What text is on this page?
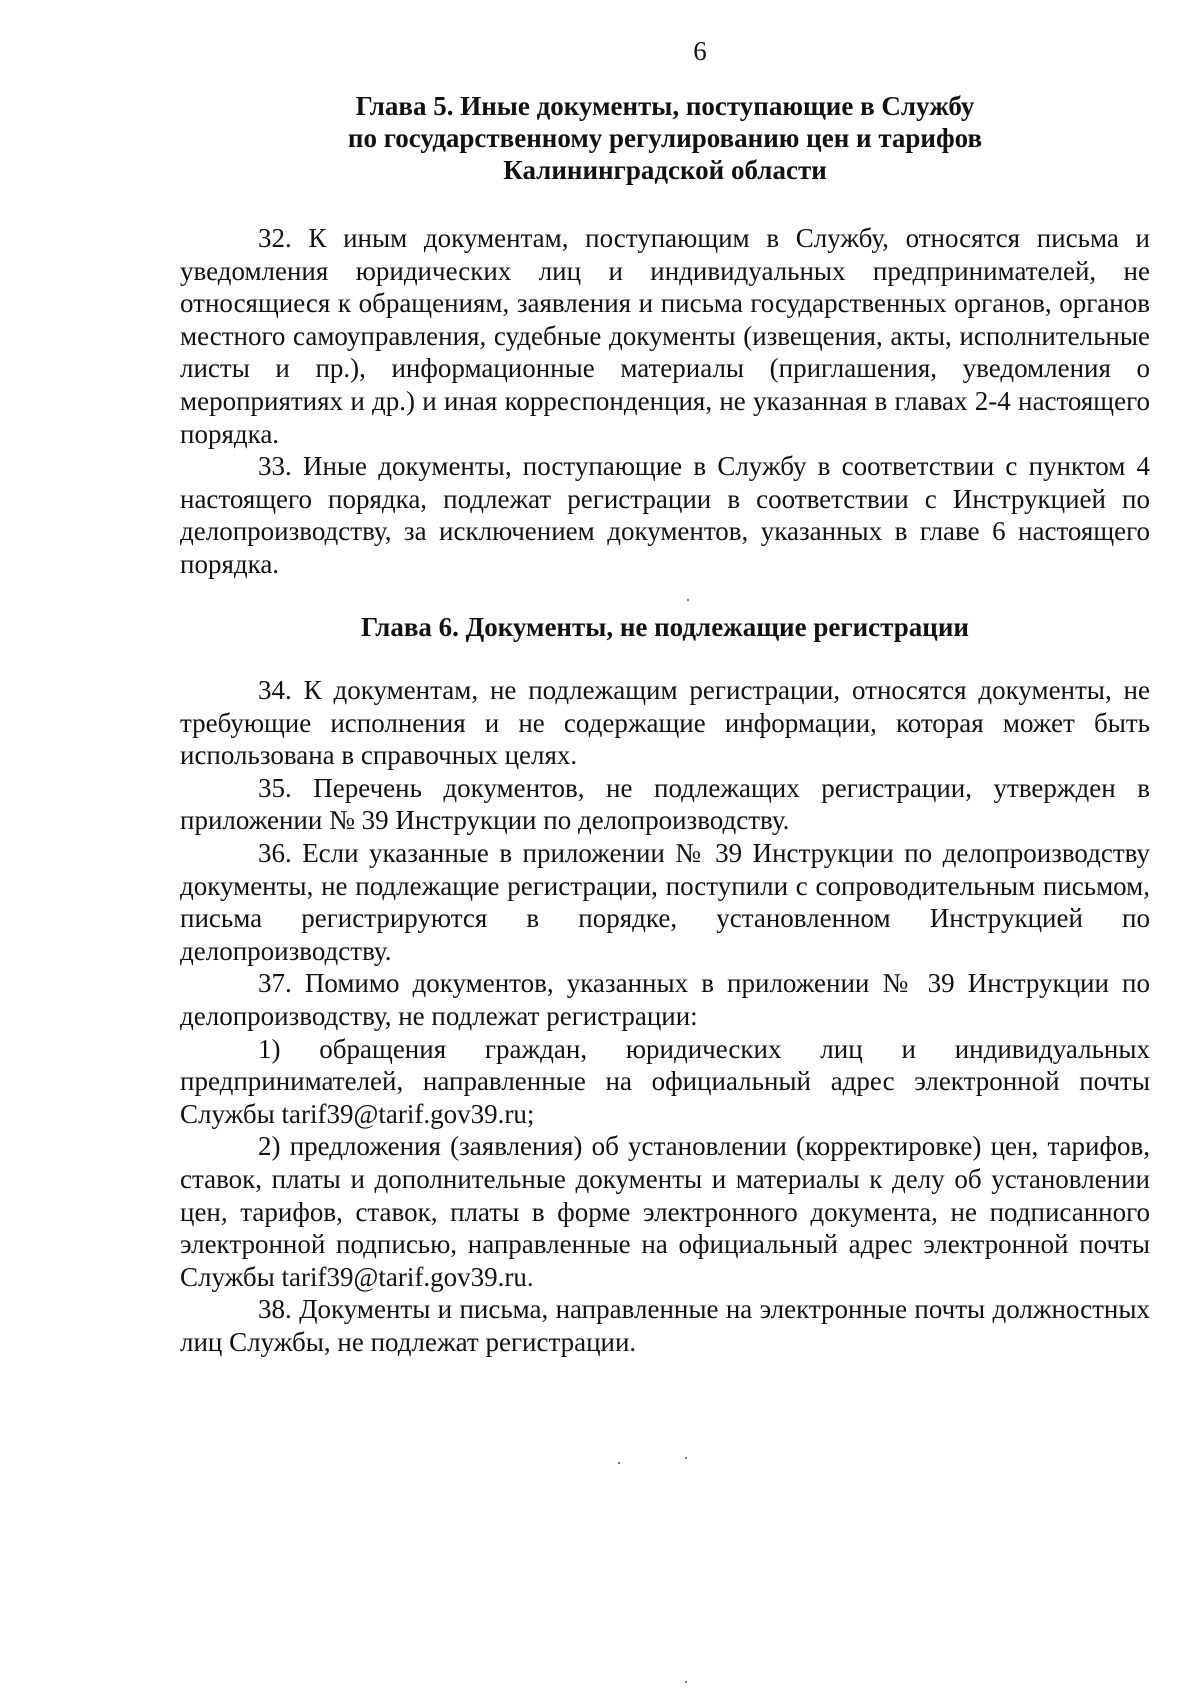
6
Глава 5. Иные документы, поступающие в Службу
по государственному регулированию цен и тарифов
Калининградской области

32. К иным документам, поступающим в Службу, относятся письма и уведомления юридических лиц и индивидуальных предпринимателей, не относящиеся к обращениям, заявления и письма государственных органов, органов местного самоуправления, судебные документы (извещения, акты, исполнительные листы и пр.), информационные материалы (приглашения, уведомления о мероприятиях и др.) и иная корреспонденция, не указанная в главах 2-4 настоящего порядка.

33. Иные документы, поступающие в Службу в соответствии с пунктом 4 настоящего порядка, подлежат регистрации в соответствии с Инструкцией по делопроизводству, за исключением документов, указанных в главе 6 настоящего порядка.

Глава 6. Документы, не подлежащие регистрации

34. К документам, не подлежащим регистрации, относятся документы, не требующие исполнения и не содержащие информации, которая может быть использована в справочных целях.

35. Перечень документов, не подлежащих регистрации, утвержден в приложении № 39 Инструкции по делопроизводству.

36. Если указанные в приложении № 39 Инструкции по делопроизводству документы, не подлежащие регистрации, поступили с сопроводительным письмом, письма регистрируются в порядке, установленном Инструкцией по делопроизводству.

37. Помимо документов, указанных в приложении № 39 Инструкции по делопроизводству, не подлежат регистрации:

1) обращения граждан, юридических лиц и индивидуальных предпринимателей, направленные на официальный адрес электронной почты Службы tarif39@tarif.gov39.ru;

2) предложения (заявления) об установлении (корректировке) цен, тарифов, ставок, платы и дополнительные документы и материалы к делу об установлении цен, тарифов, ставок, платы в форме электронного документа, не подписанного электронной подписью, направленные на официальный адрес электронной почты Службы tarif39@tarif.gov39.ru.

38. Документы и письма, направленные на электронные почты должностных лиц Службы, не подлежат регистрации.
